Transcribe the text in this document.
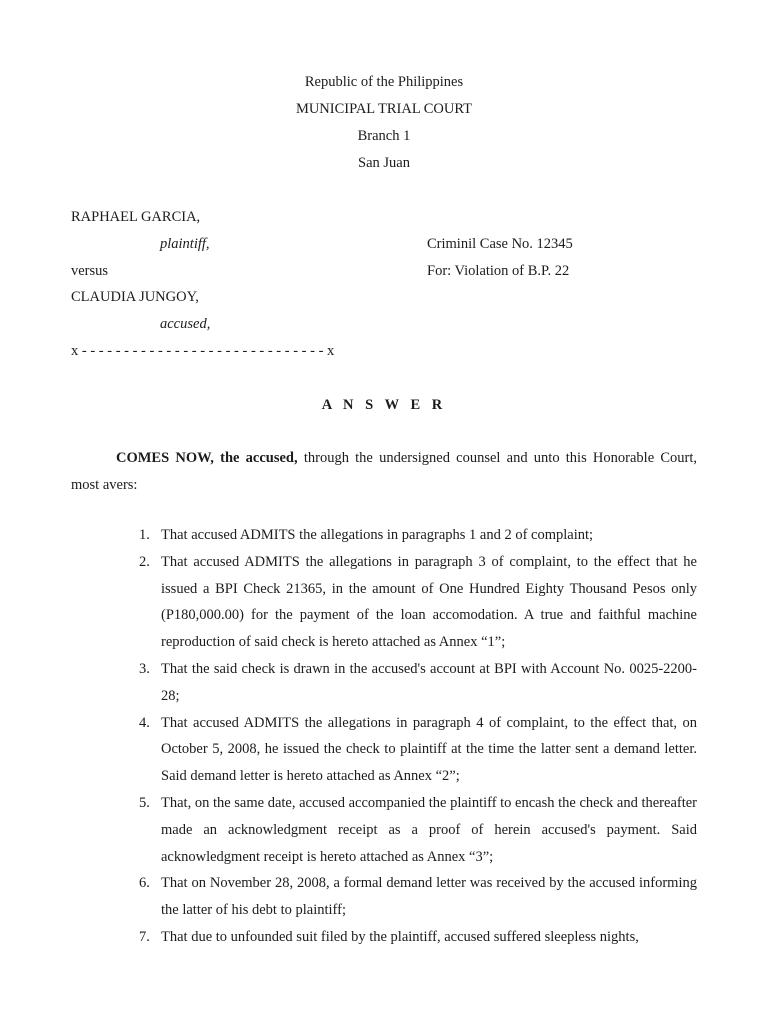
Republic of the Philippines
MUNICIPAL TRIAL COURT
Branch 1
San Juan
RAPHAEL GARCIA,
plaintiff,	Criminil Case No. 12345
versus	For: Violation of B.P. 22
CLAUDIA JUNGOY,
accused,
x - - - - - - - - - - - - - - - - - - - - - - - - - - - - - x
A N S W E R
COMES NOW, the accused, through the undersigned counsel and unto this Honorable Court, most avers:
1. That accused ADMITS the allegations in paragraphs 1 and 2 of complaint;
2. That accused ADMITS the allegations in paragraph 3 of complaint, to the effect that he issued a BPI Check 21365, in the amount of One Hundred Eighty Thousand Pesos only (P180,000.00) for the payment of the loan accomodation. A true and faithful machine reproduction of said check is hereto attached as Annex “1”;
3. That the said check is drawn in the accused's account at BPI with Account No. 0025-2200-28;
4. That accused ADMITS the allegations in paragraph 4 of complaint, to the effect that, on October 5, 2008, he issued the check to plaintiff at the time the latter sent a demand letter. Said demand letter is hereto attached as Annex “2”;
5. That, on the same date, accused accompanied the plaintiff to encash the check and thereafter made an acknowledgment receipt as a proof of herein accused's payment. Said acknowledgment receipt is hereto attached as Annex “3”;
6. That on November 28, 2008, a formal demand letter was received by the accused informing the latter of his debt to plaintiff;
7. That due to unfounded suit filed by the plaintiff, accused suffered sleepless nights,
